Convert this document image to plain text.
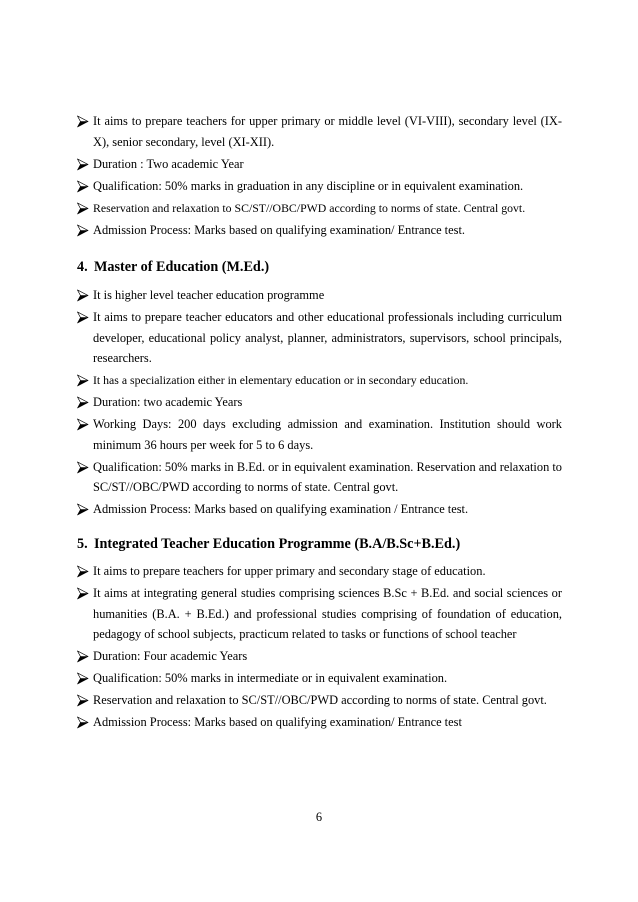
It aims to prepare teachers for upper primary or middle level (VI-VIII), secondary level (IX-X), senior secondary, level (XI-XII).
Duration : Two academic Year
Qualification: 50% marks in graduation in any discipline or in equivalent examination.
Reservation and relaxation to SC/ST//OBC/PWD according to norms of state. Central govt.
Admission Process: Marks based on qualifying examination/ Entrance test.
4. Master of Education (M.Ed.)
It is higher level teacher education programme
It aims to prepare teacher educators and other educational professionals including curriculum developer, educational policy analyst, planner, administrators, supervisors, school principals, researchers.
It has a specialization either in elementary education or in secondary education.
Duration: two academic Years
Working Days: 200 days excluding admission and examination. Institution should work minimum 36 hours per week for 5 to 6 days.
Qualification: 50% marks in B.Ed. or in equivalent examination. Reservation and relaxation to SC/ST//OBC/PWD according to norms of state. Central govt.
Admission Process: Marks based on qualifying examination / Entrance test.
5. Integrated Teacher Education Programme (B.A/B.Sc+B.Ed.)
It aims to prepare teachers for upper primary and secondary stage of education.
It aims at integrating general studies comprising sciences B.Sc + B.Ed. and social sciences or humanities (B.A. + B.Ed.) and professional studies comprising of foundation of education, pedagogy of school subjects, practicum related to tasks or functions of school teacher
Duration: Four academic Years
Qualification: 50% marks in intermediate or in equivalent examination.
Reservation and relaxation to SC/ST//OBC/PWD according to norms of state. Central govt.
Admission Process: Marks based on qualifying examination/ Entrance test
6
